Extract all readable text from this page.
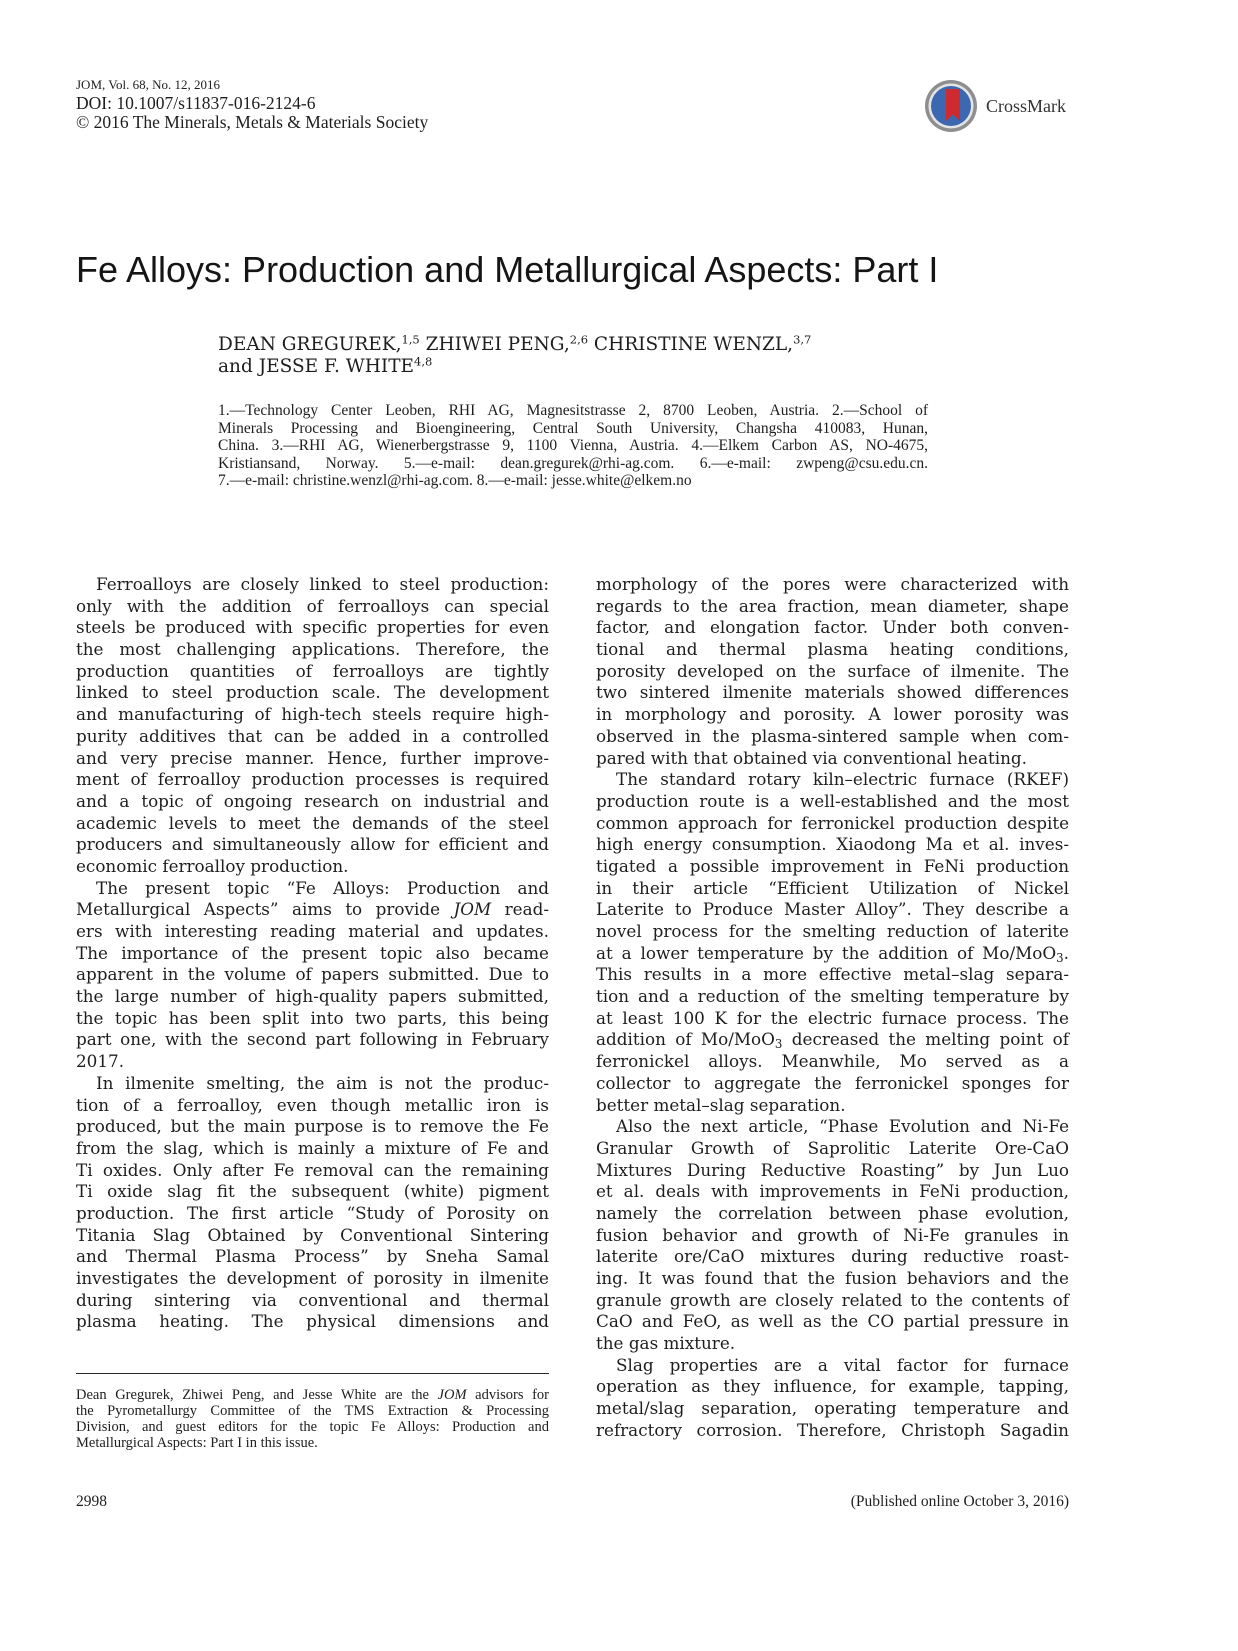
JOM, Vol. 68, No. 12, 2016
DOI: 10.1007/s11837-016-2124-6
© 2016 The Minerals, Metals & Materials Society
CrossMark
Fe Alloys: Production and Metallurgical Aspects: Part I
DEAN GREGUREK,$^{1,5}$ ZHIWEI PENG,$^{2,6}$ CHRISTINE WENZL,$^{3,7}$
and JESSE F. WHITE$^{4,8}$
1.—Technology Center Leoben, RHI AG, Magnesitstrasse 2, 8700 Leoben, Austria. 2.—School of
Minerals Processing and Bioengineering, Central South University, Changsha 410083, Hunan,
China. 3.—RHI AG, Wienerbergstrasse 9, 1100 Vienna, Austria. 4.—Elkem Carbon AS, NO-4675,
Kristiansand, Norway. 5.—e-mail: dean.gregurek@rhi-ag.com. 6.—e-mail: zwpeng@csu.edu.cn.
7.—e-mail: christine.wenzl@rhi-ag.com. 8.—e-mail: jesse.white@elkem.no
Ferroalloys are closely linked to steel production:
only with the addition of ferroalloys can special
steels be produced with specific properties for even
the most challenging applications. Therefore, the
production quantities of ferroalloys are tightly
linked to steel production scale. The development
and manufacturing of high-tech steels require high-
purity additives that can be added in a controlled
and very precise manner. Hence, further improve-
ment of ferroalloy production processes is required
and a topic of ongoing research on industrial and
academic levels to meet the demands of the steel
producers and simultaneously allow for efficient and
economic ferroalloy production.
The present topic “Fe Alloys: Production and
Metallurgical Aspects” aims to provide JOM read-
ers with interesting reading material and updates.
The importance of the present topic also became
apparent in the volume of papers submitted. Due to
the large number of high-quality papers submitted,
the topic has been split into two parts, this being
part one, with the second part following in February
2017.
In ilmenite smelting, the aim is not the produc-
tion of a ferroalloy, even though metallic iron is
produced, but the main purpose is to remove the Fe
from the slag, which is mainly a mixture of Fe and
Ti oxides. Only after Fe removal can the remaining
Ti oxide slag fit the subsequent (white) pigment
production. The first article “Study of Porosity on
Titania Slag Obtained by Conventional Sintering
and Thermal Plasma Process” by Sneha Samal
investigates the development of porosity in ilmenite
during sintering via conventional and thermal
plasma heating. The physical dimensions and
morphology of the pores were characterized with
regards to the area fraction, mean diameter, shape
factor, and elongation factor. Under both conven-
tional and thermal plasma heating conditions,
porosity developed on the surface of ilmenite. The
two sintered ilmenite materials showed differences
in morphology and porosity. A lower porosity was
observed in the plasma-sintered sample when com-
pared with that obtained via conventional heating.
The standard rotary kiln–electric furnace (RKEF)
production route is a well-established and the most
common approach for ferronickel production despite
high energy consumption. Xiaodong Ma et al. inves-
tigated a possible improvement in FeNi production
in their article “Efficient Utilization of Nickel
Laterite to Produce Master Alloy”. They describe a
novel process for the smelting reduction of laterite
at a lower temperature by the addition of Mo/MoO$_3$.
This results in a more effective metal–slag separa-
tion and a reduction of the smelting temperature by
at least 100 K for the electric furnace process. The
addition of Mo/MoO$_3$ decreased the melting point of
ferronickel alloys. Meanwhile, Mo served as a
collector to aggregate the ferronickel sponges for
better metal–slag separation.
Also the next article, “Phase Evolution and Ni-Fe
Granular Growth of Saprolitic Laterite Ore-CaO
Mixtures During Reductive Roasting” by Jun Luo
et al. deals with improvements in FeNi production,
namely the correlation between phase evolution,
fusion behavior and growth of Ni-Fe granules in
laterite ore/CaO mixtures during reductive roast-
ing. It was found that the fusion behaviors and the
granule growth are closely related to the contents of
CaO and FeO, as well as the CO partial pressure in
the gas mixture.
Slag properties are a vital factor for furnace
operation as they influence, for example, tapping,
metal/slag separation, operating temperature and
refractory corrosion. Therefore, Christoph Sagadin
Dean Gregurek, Zhiwei Peng, and Jesse White are the JOM advisors for
the Pyrometallurgy Committee of the TMS Extraction & Processing
Division, and guest editors for the topic Fe Alloys: Production and
Metallurgical Aspects: Part I in this issue.
2998	(Published online October 3, 2016)
